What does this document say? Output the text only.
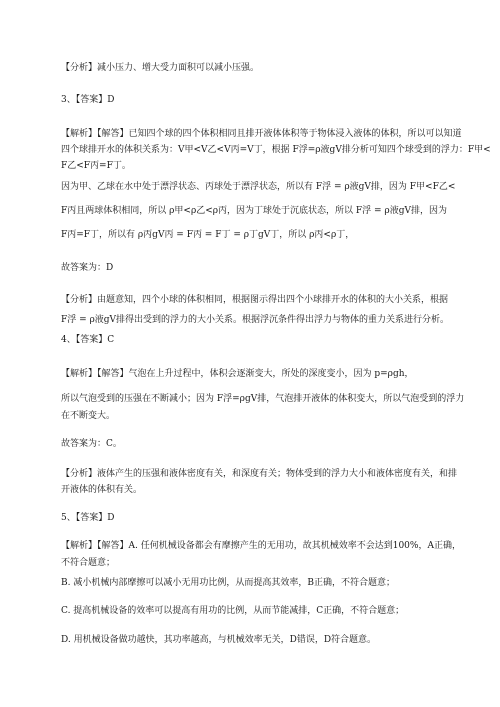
【分析】减小压力、增大受力面积可以减小压强。
3、【答案】D
【解析】【解答】已知四个球的四个体积相同且排开液体体积等于物体浸入液体的体积，所以可以知道
四个球排开水的体积关系为：V甲<V乙<V丙=V丁，根据 F浮=ρ液gV排分析可知四个球受到的浮力：F甲<
F乙<F丙=F丁。
因为甲、乙球在水中处于漂浮状态、丙球处于漂浮状态，所以有 F浮 = ρ液gV排，因为 F甲<F乙<
F丙且两球体积相同，所以 ρ甲<ρ乙<ρ丙，因为丁球处于沉底状态，所以 F浮 = ρ液gV排，因为
F丙=F丁，所以有 ρ丙gV丙 = F丙 = F丁 = ρ丁gV丁，所以 ρ丙<ρ丁，
故答案为：D
【分析】由题意知，四个小球的体积相同，根据图示得出四个小球排开水的体积的大小关系，根据
F浮 = ρ液gV排得出受到的浮力的大小关系。根据浮沉条件得出浮力与物体的重力关系进行分析。
4、【答案】C
【解析】【解答】气泡在上升过程中，体积会逐渐变大，所处的深度变小，因为 p=ρgh，
所以气泡受到的压强在不断减小；因为 F浮=ρgV排，气泡排开液体的体积变大，所以气泡受到的浮力
在不断变大。
故答案为：C。
【分析】液体产生的压强和液体密度有关，和深度有关；物体受到的浮力大小和液体密度有关，和排
开液体的体积有关。
5、【答案】D
【解析】【解答】A. 任何机械设备都会有摩擦产生的无用功，故其机械效率不会达到100%，A正确，
不符合题意；
B. 减小机械内部摩擦可以减小无用功比例，从而提高其效率，B正确，不符合题意；
C. 提高机械设备的效率可以提高有用功的比例，从而节能减排，C正确，不符合题意；
D. 用机械设备做功越快，其功率越高，与机械效率无关，D错误，D符合题意。
